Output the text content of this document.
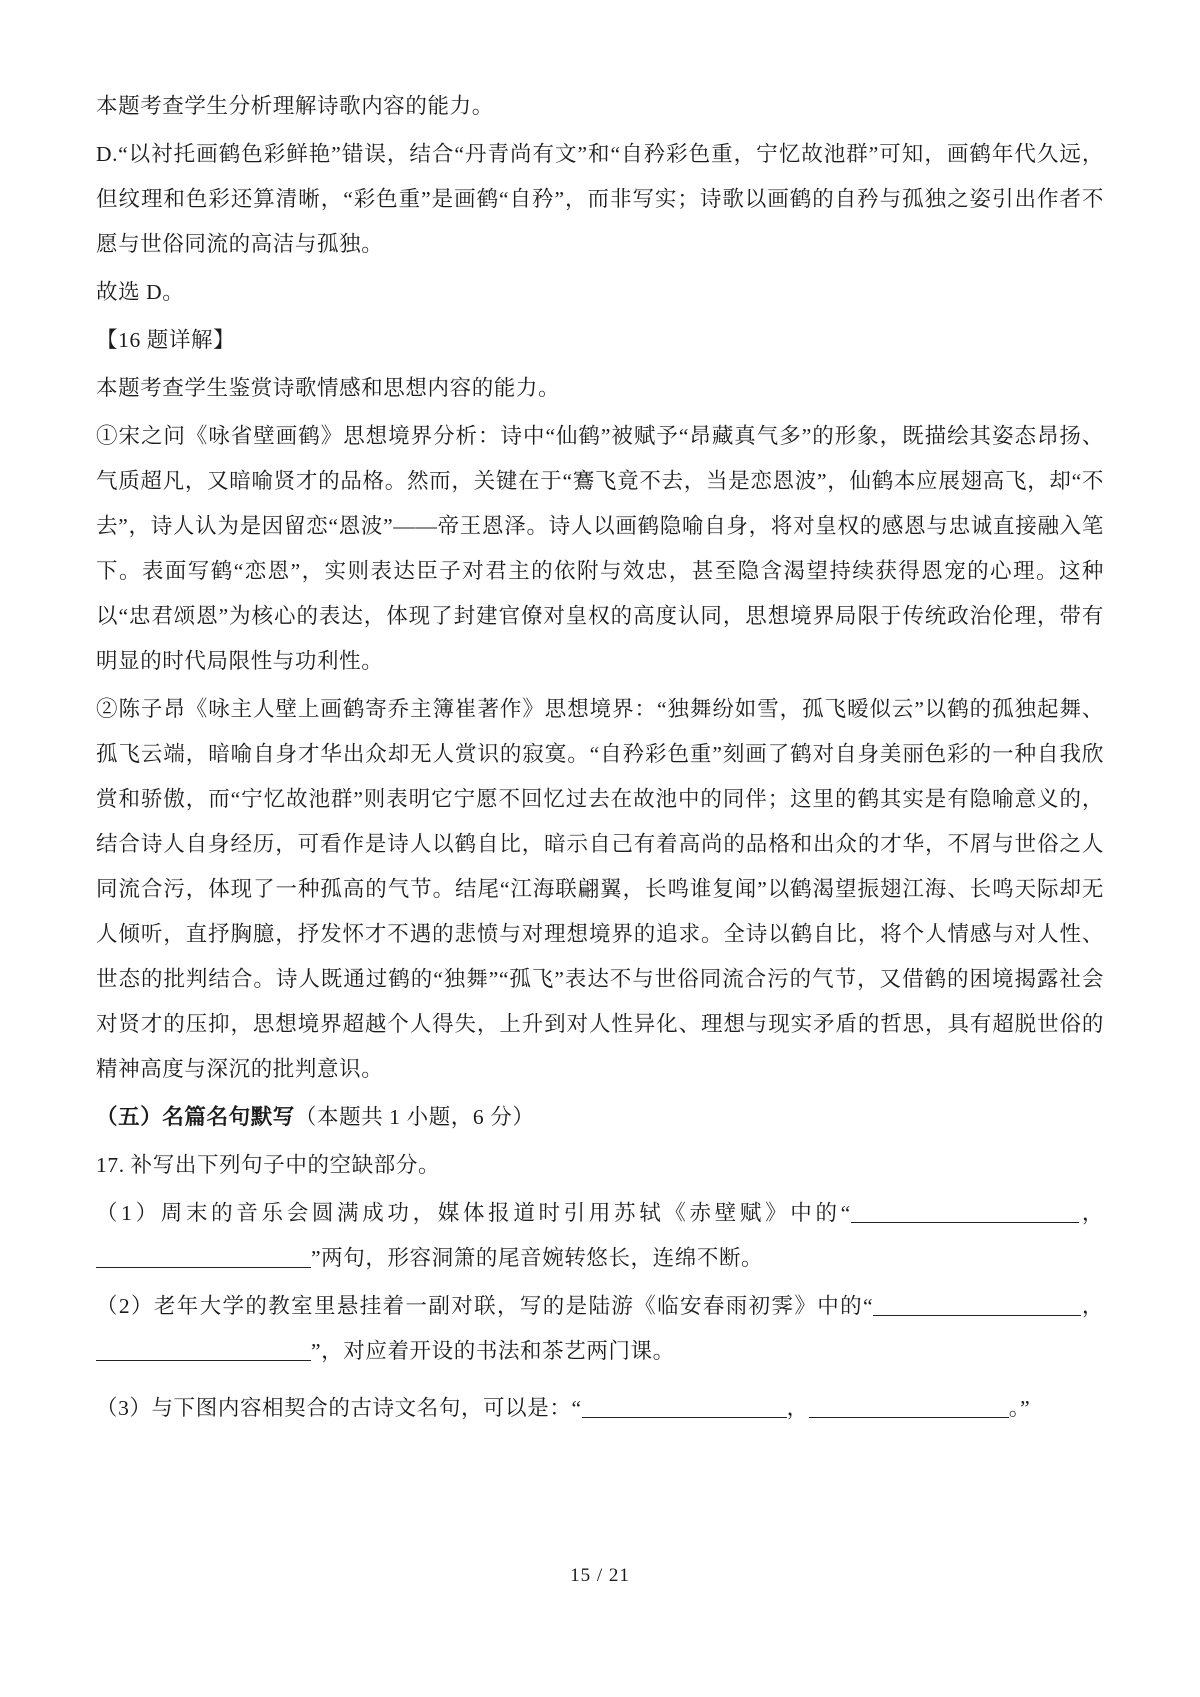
本题考查学生分析理解诗歌内容的能力。

D.“以衬托画鹤色彩鲜艳”错误，结合“丹青尚有文”和“自矜彩色重，宁忆故池群”可知，画鹤年代久远，但纹理和色彩还算清晰，“彩色重”是画鹤“自矜”，而非写实；诗歌以画鹤的自矜与孤独之姿引出作者不愿与世俗同流的高洁与孤独。

故选 D。

【16 题详解】

本题考查学生鉴赏诗歌情感和思想内容的能力。

①宋之问《咏省壁画鹤》思想境界分析：诗中“仙鹤”被赋予“昂藏真气多”的形象，既描绘其姿态昂扬、气质超凡，又暗喻贤才的品格。然而，关键在于“鶱飞竟不去，当是恋恩波”，仙鹤本应展翅高飞，却“不去”，诗人认为是因留恋“恩波”——帝王恩泽。诗人以画鹤隐喻自身，将对皇权的感恩与忠诚直接融入笔下。表面写鹤“恋恩”，实则表达臣子对君主的依附与效忠，甚至隐含渴望持续获得恩宠的心理。这种以“忠君颂恩”为核心的表达，体现了封建官僚对皇权的高度认同，思想境界局限于传统政治伦理，带有明显的时代局限性与功利性。

②陈子昂《咏主人壁上画鹤寄乔主簿崔著作》思想境界：“独舞纷如雪，孤飞暧似云”以鹤的孤独起舞、孤飞云端，暗喻自身才华出众却无人赏识的寂寞。“自矜彩色重”刻画了鹤对自身美丽色彩的一种自我欣赏和骄傲，而“宁忆故池群”则表明它宁愿不回忆过去在故池中的同伴；这里的鹤其实是有隐喻意义的，结合诗人自身经历，可看作是诗人以鹤自比，暗示自己有着高尚的品格和出众的才华，不屑与世俗之人同流合污，体现了一种孤高的气节。结尾“江海联翩翼，长鸣谁复闻”以鹤渴望振翅江海、长鸣天际却无人倾听，直抒胸臆，抒发怀才不遇的悲愤与对理想境界的追求。全诗以鹤自比，将个人情感与对人性、世态的批判结合。诗人既通过鹤的“独舞”“孤飞”表达不与世俗同流合污的气节，又借鹤的困境揭露社会对贤才的压抑，思想境界超越个人得失，上升到对人性异化、理想与现实矛盾的哲思，具有超脱世俗的精神高度与深沉的批判意识。

（五）名篇名句默写（本题共 1 小题，6 分）

17. 补写出下列句子中的空缺部分。

（1）周末的音乐会圆满成功，媒体报道时引用苏轼《赤壁赋》中的“	，”两句，形容洞箫的尾音婉转悠长，连绵不断。

（2）老年大学的教室里悬挂着一副对联，写的是陆游《临安春雨初霁》中的“	，”，对应着开设的书法和茶艺两门课。

（3）与下图内容相契合的古诗文名句，可以是：“	，	。”

15 / 21
